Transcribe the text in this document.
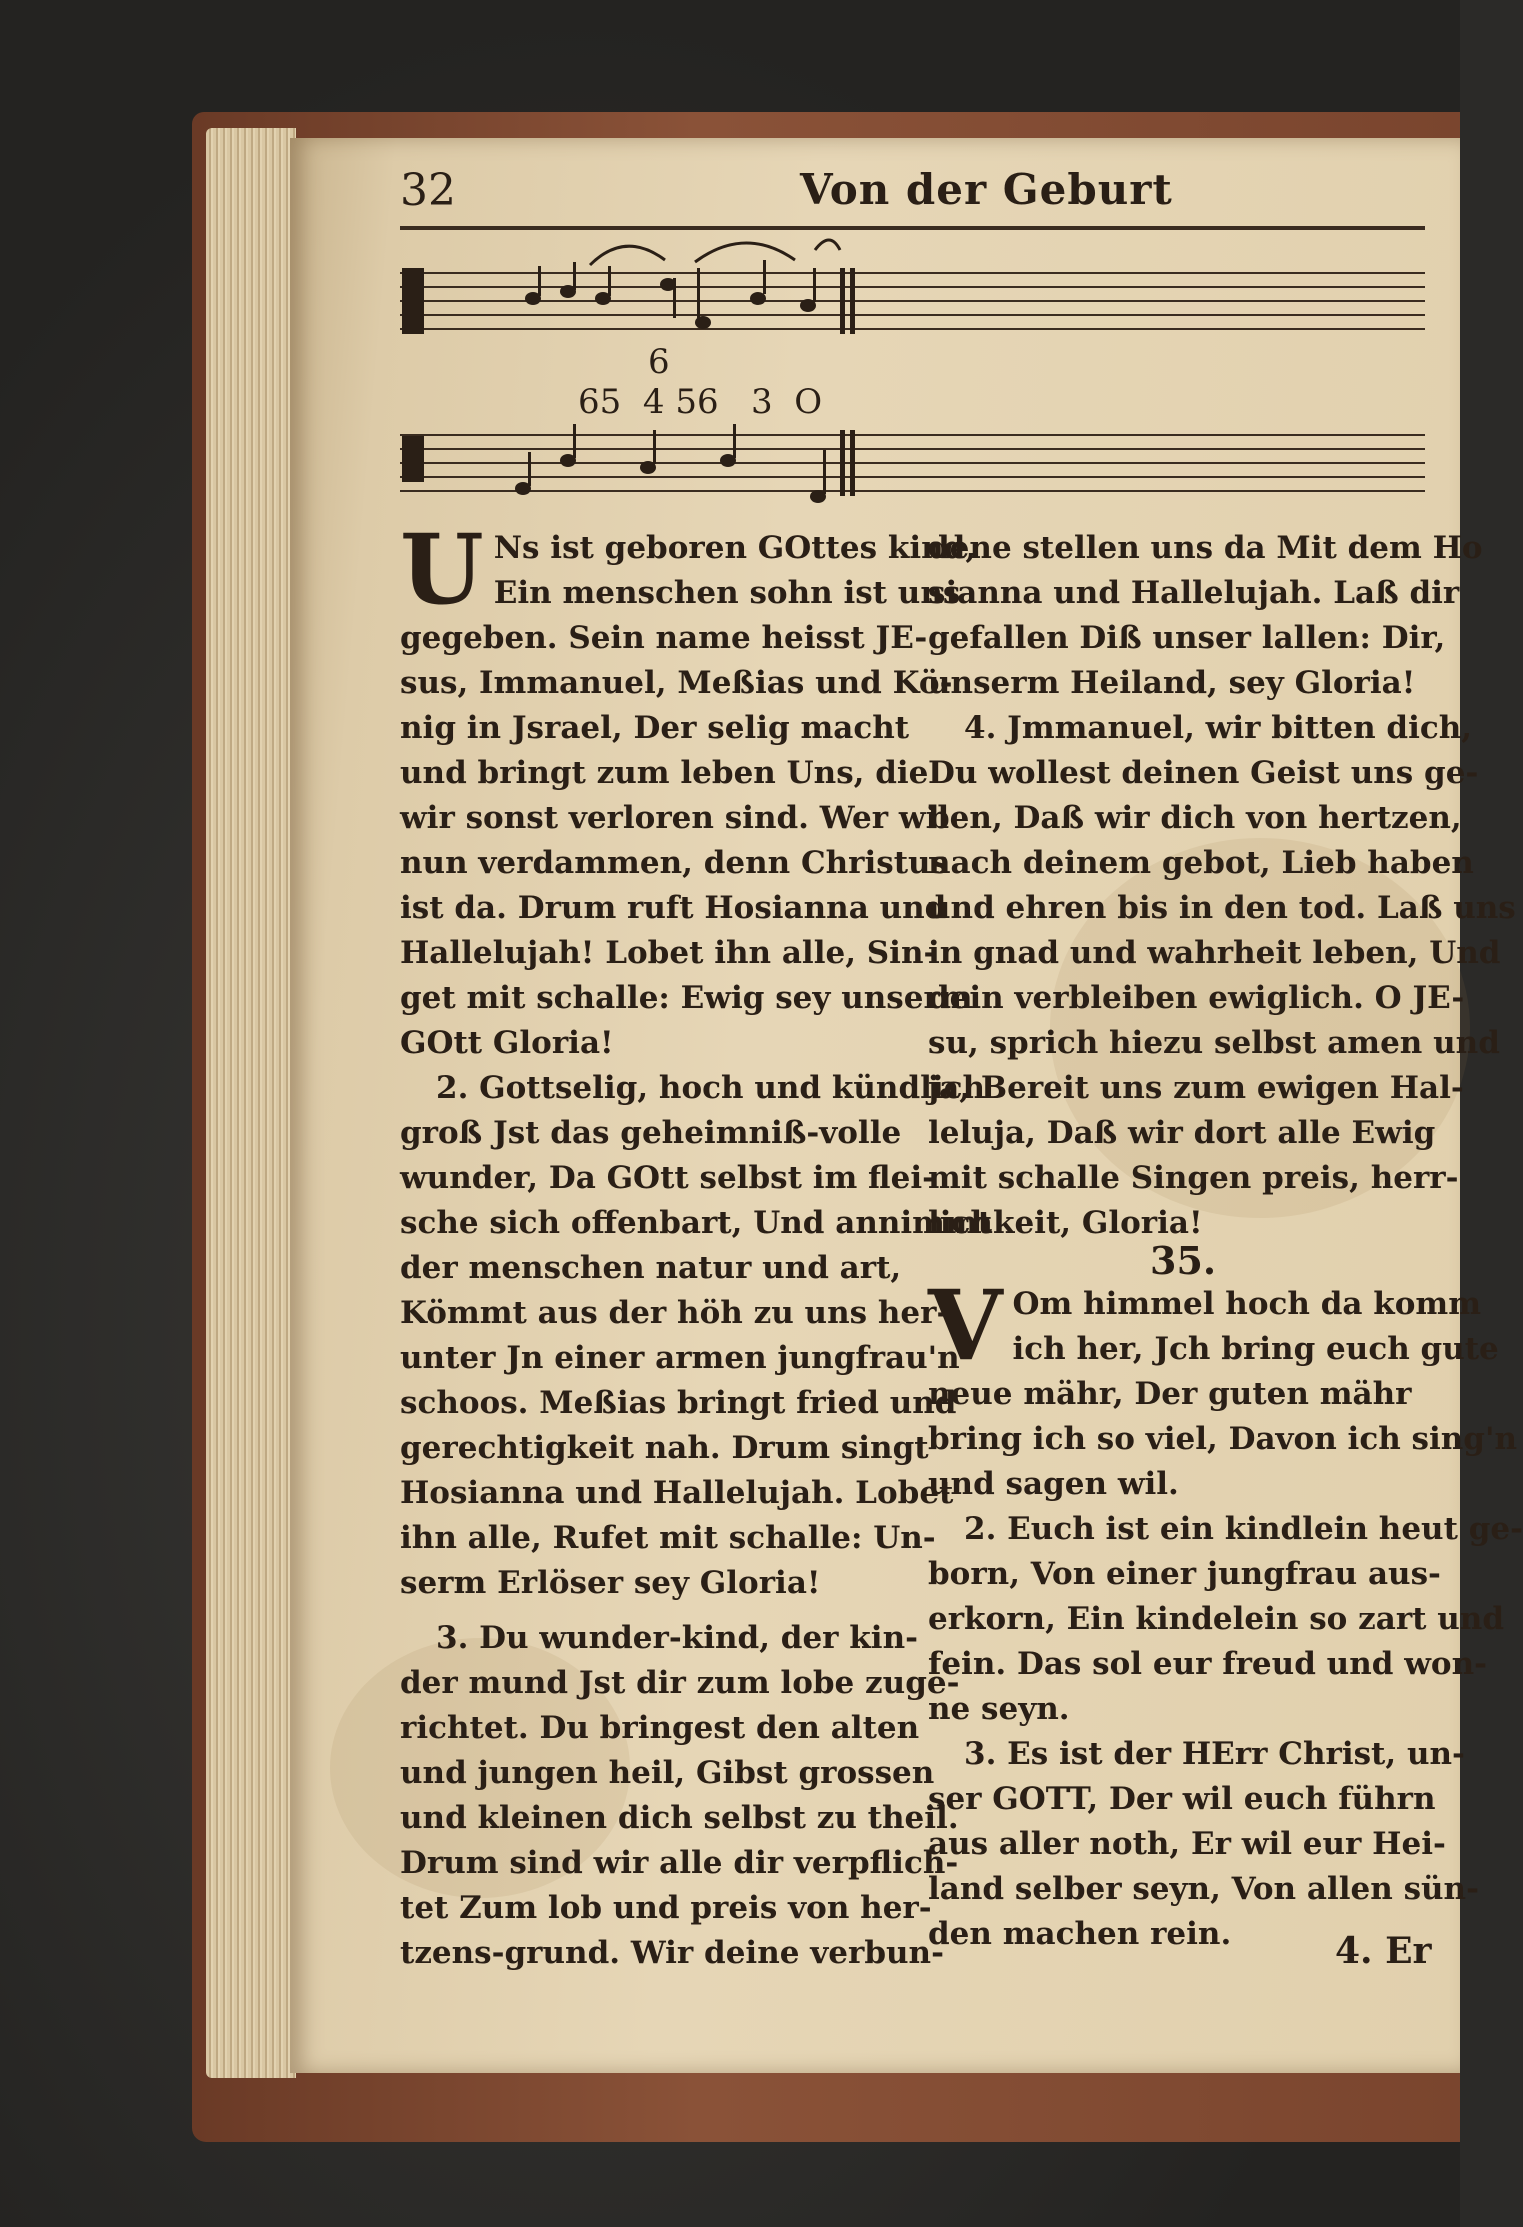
32	Von der Geburt
6
65  4 56   3  O
U Ns ist geboren GOttes kind,
Ein menschen sohn ist uns
gegeben. Sein name heisst JE-
sus, Immanuel, Meßias und Kö-
nig in Jsrael, Der selig macht
und bringt zum leben Uns, die
wir sonst verloren sind. Wer wil
nun verdammen, denn Christus
ist da. Drum ruft Hosianna und
Hallelujah! Lobet ihn alle, Sin-
get mit schalle: Ewig sey unserm
GOtt Gloria!
2. Gottselig, hoch und kündlich
groß Jst das geheimniß-volle
wunder, Da GOtt selbst im flei-
sche sich offenbart, Und annimmt
der menschen natur und art,
Kömmt aus der höh zu uns her-
unter Jn einer armen jungfrau'n
schoos. Meßias bringt fried und
gerechtigkeit nah. Drum singt
Hosianna und Hallelujah. Lobet
ihn alle, Rufet mit schalle: Un-
serm Erlöser sey Gloria!
3. Du wunder-kind, der kin-
der mund Jst dir zum lobe zuge-
richtet. Du bringest den alten
und jungen heil, Gibst grossen
und kleinen dich selbst zu theil.
Drum sind wir alle dir verpflich-
tet Zum lob und preis von her-
tzens-grund. Wir deine verbun-
dene stellen uns da Mit dem Ho
sianna und Hallelujah. Laß dir
gefallen Diß unser lallen: Dir,
unserm Heiland, sey Gloria!
4. Jmmanuel, wir bitten dich,
Du wollest deinen Geist uns ge-
ben, Daß wir dich von hertzen,
nach deinem gebot, Lieb haben
und ehren bis in den tod. Laß uns
in gnad und wahrheit leben, Und
dein verbleiben ewiglich. O JE-
su, sprich hiezu selbst amen und
ja, Bereit uns zum ewigen Hal-
leluja, Daß wir dort alle Ewig
mit schalle Singen preis, herr-
lichkeit, Gloria!
35.
V Om himmel hoch da komm
ich her, Jch bring euch gute
neue mähr, Der guten mähr
bring ich so viel, Davon ich sing'n
und sagen wil.
2. Euch ist ein kindlein heut ge-
born, Von einer jungfrau aus-
erkorn, Ein kindelein so zart und
fein. Das sol eur freud und won-
ne seyn.
3. Es ist der HErr Christ, un-
ser GOTT, Der wil euch führn
aus aller noth, Er wil eur Hei-
land selber seyn, Von allen sün-
den machen rein.	4. Er
